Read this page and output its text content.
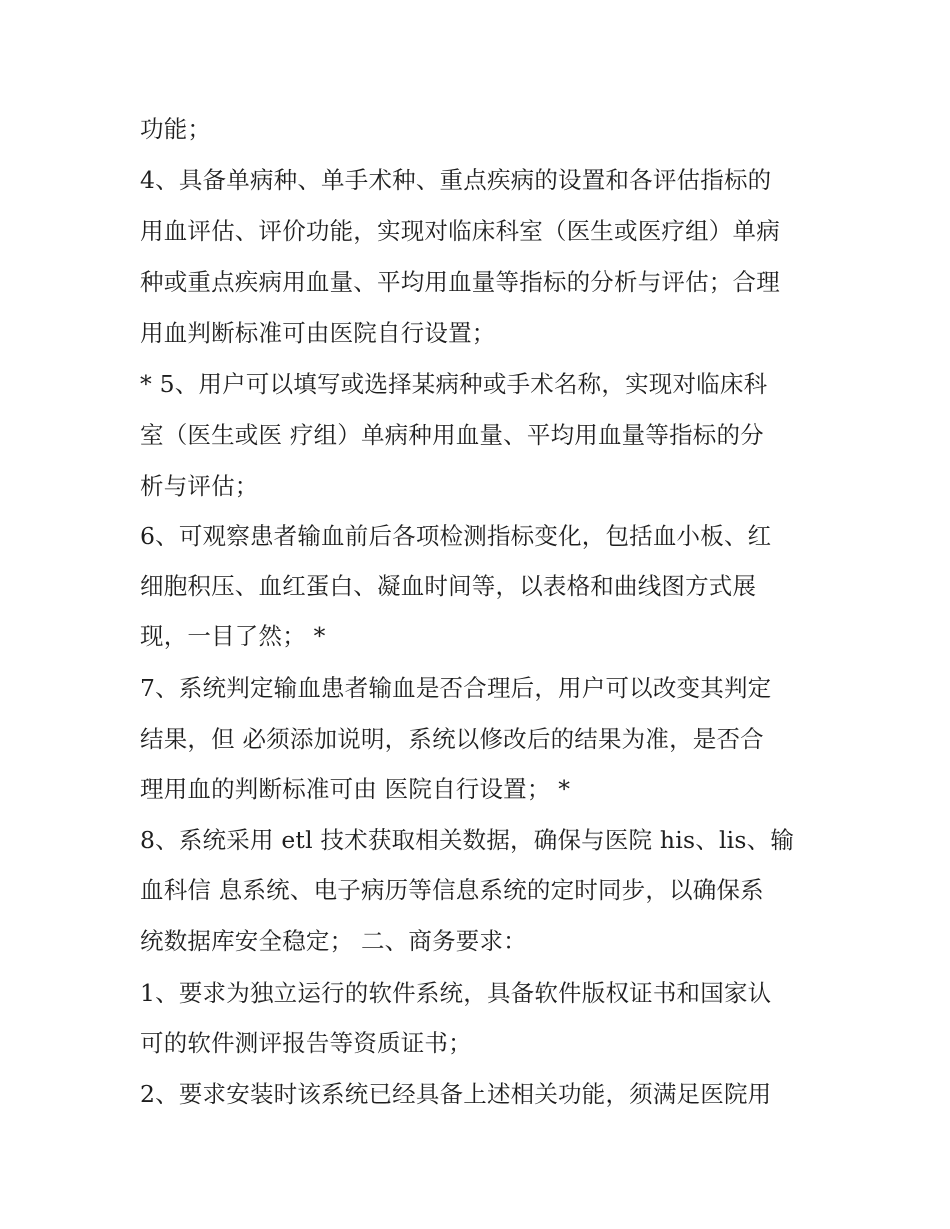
功能；
4、具备单病种、单手术种、重点疾病的设置和各评估指标的
用血评估、评价功能，实现对临床科室（医生或医疗组）单病
种或重点疾病用血量、平均用血量等指标的分析与评估；合理
用血判断标准可由医院自行设置；
* 5、用户可以填写或选择某病种或手术名称，实现对临床科
室（医生或医 疗组）单病种用血量、平均用血量等指标的分
析与评估；
6、可观察患者输血前后各项检测指标变化，包括血小板、红
细胞积压、血红蛋白、凝血时间等，以表格和曲线图方式展
现，一目了然； *
7、系统判定输血患者输血是否合理后，用户可以改变其判定
结果，但 必须添加说明，系统以修改后的结果为准，是否合
理用血的判断标准可由 医院自行设置； *
8、系统采用 etl 技术获取相关数据，确保与医院 his、lis、输
血科信 息系统、电子病历等信息系统的定时同步，以确保系
统数据库安全稳定； 二、商务要求：
1、要求为独立运行的软件系统，具备软件版权证书和国家认
可的软件测评报告等资质证书；
2、要求安装时该系统已经具备上述相关功能，须满足医院用
